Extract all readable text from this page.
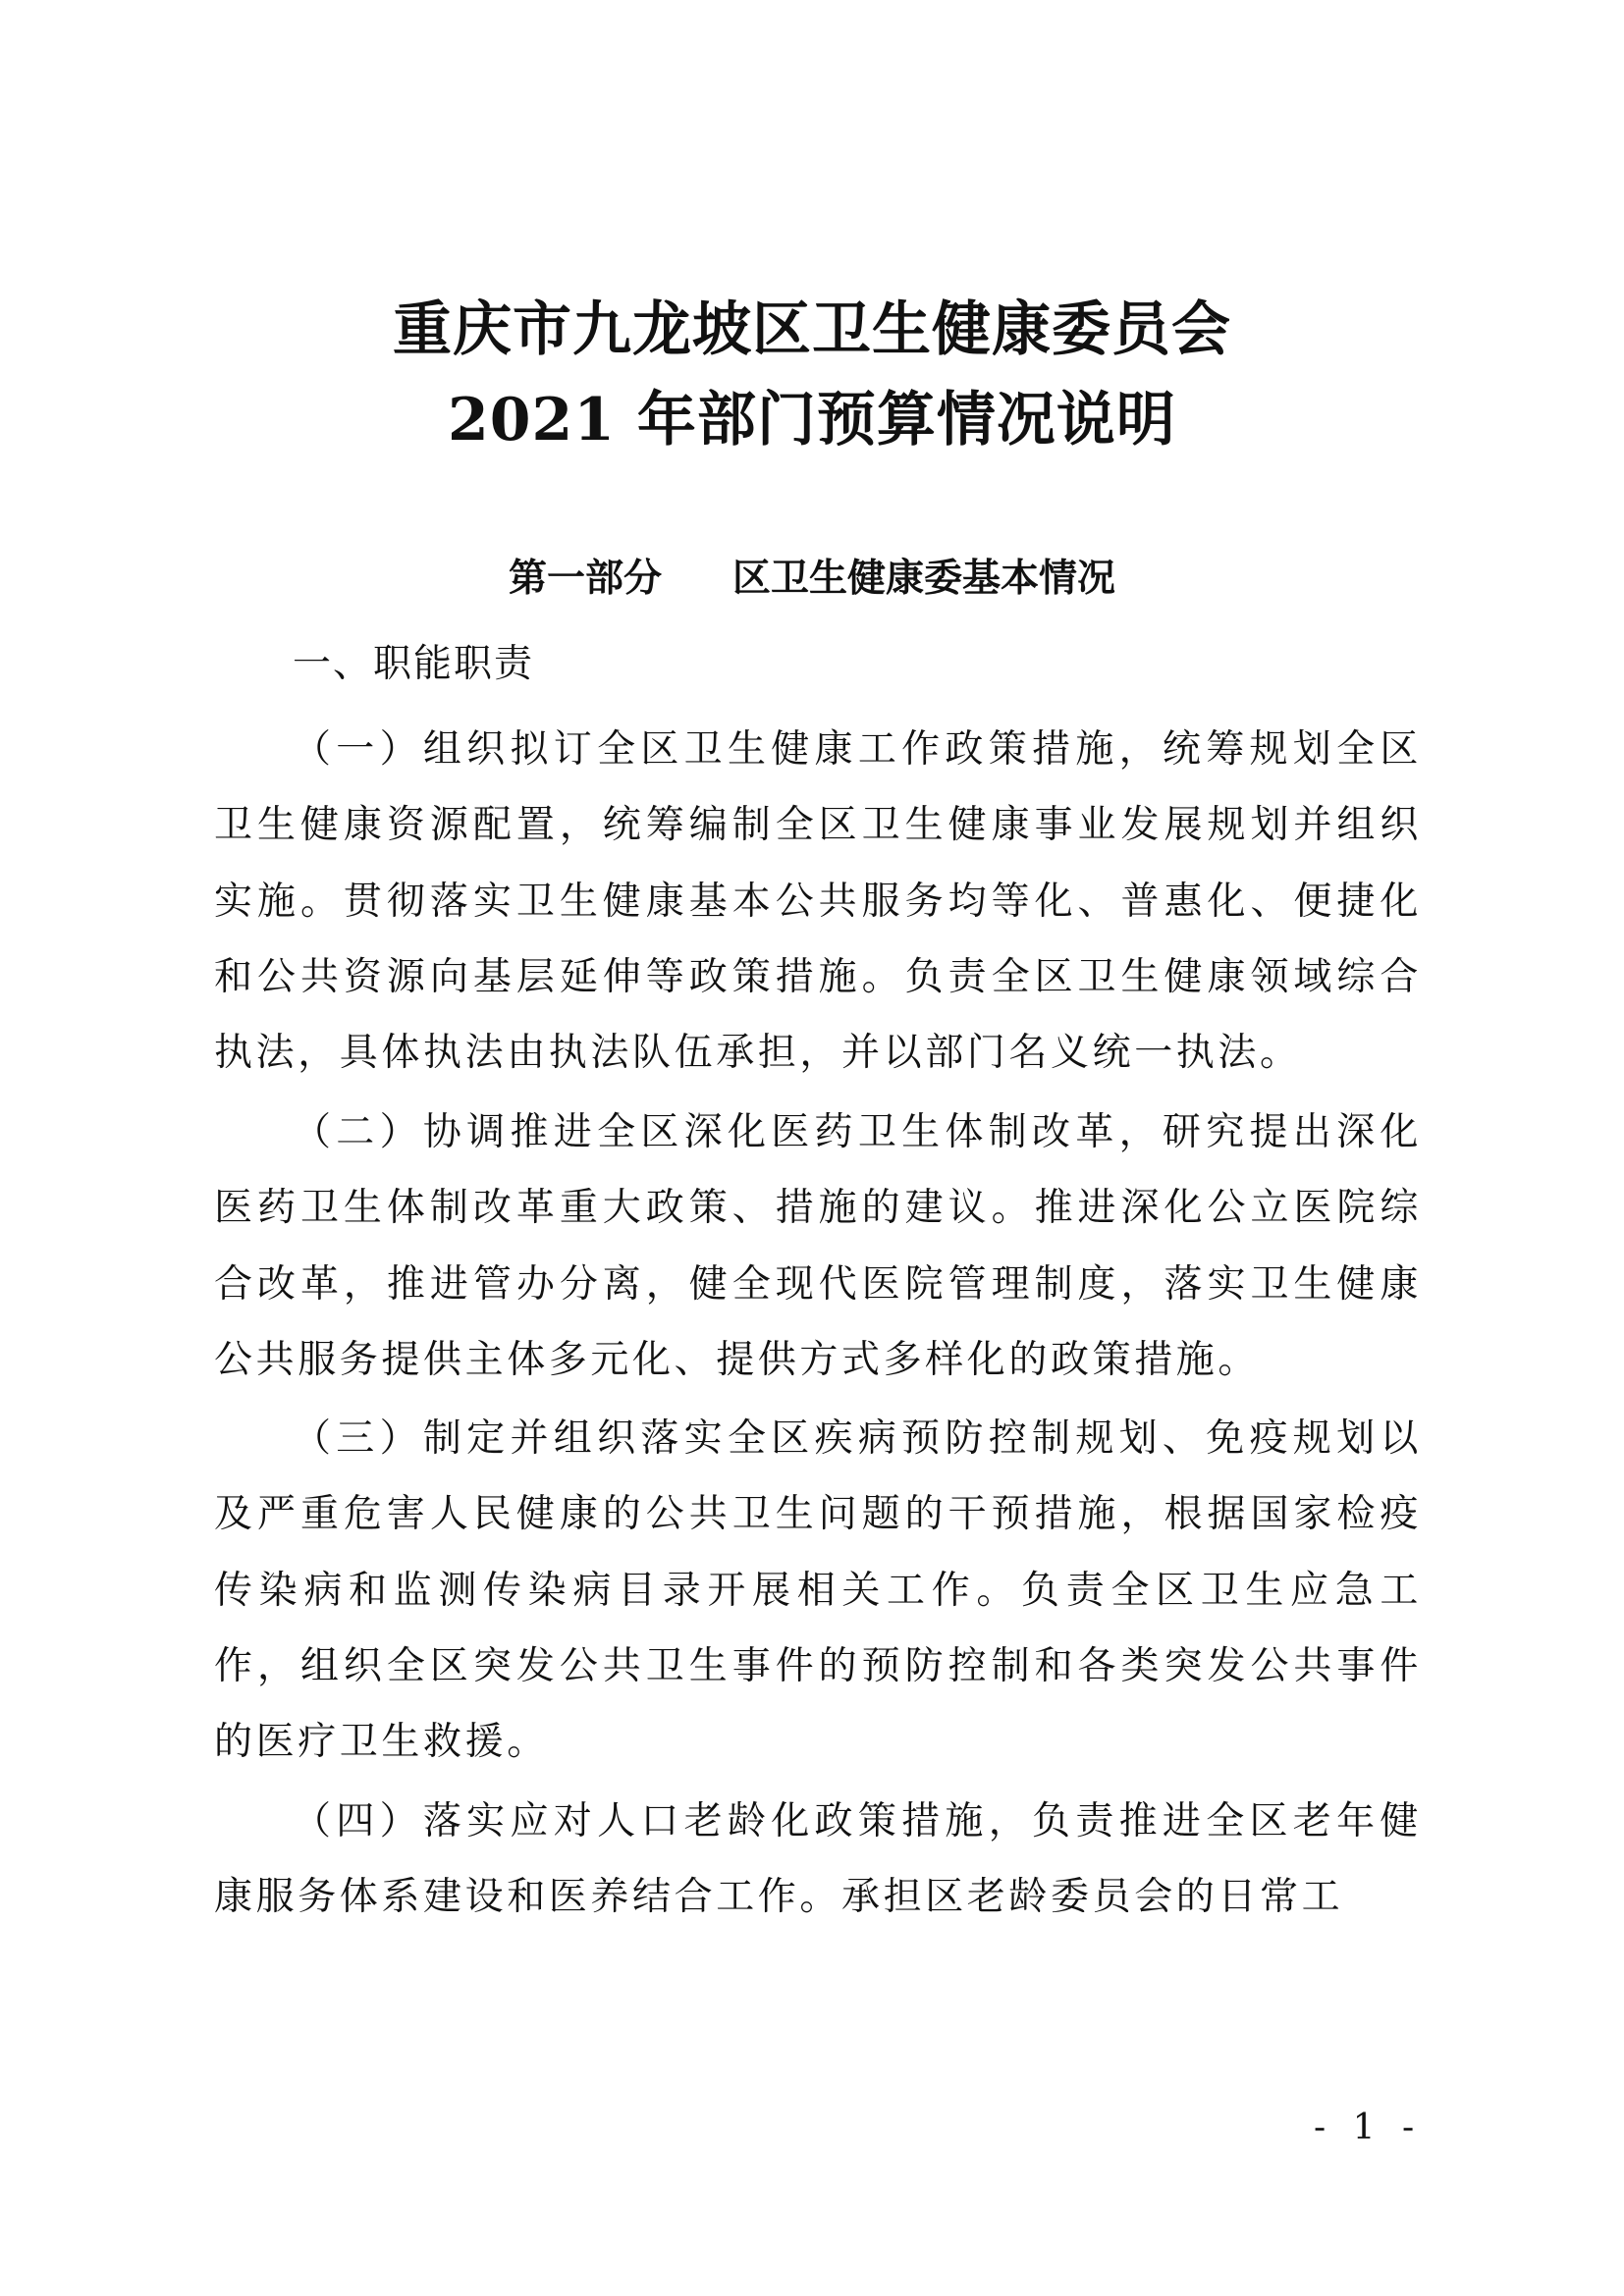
重庆市九龙坡区卫生健康委员会
2021 年部门预算情况说明
第一部分 区卫生健康委基本情况
一、职能职责

（一）组织拟订全区卫生健康工作政策措施，统筹规划全区卫生健康资源配置，统筹编制全区卫生健康事业发展规划并组织实施。贯彻落实卫生健康基本公共服务均等化、普惠化、便捷化和公共资源向基层延伸等政策措施。负责全区卫生健康领域综合执法，具体执法由执法队伍承担，并以部门名义统一执法。

（二）协调推进全区深化医药卫生体制改革，研究提出深化医药卫生体制改革重大政策、措施的建议。推进深化公立医院综合改革，推进管办分离，健全现代医院管理制度，落实卫生健康公共服务提供主体多元化、提供方式多样化的政策措施。

（三）制定并组织落实全区疾病预防控制规划、免疫规划以及严重危害人民健康的公共卫生问题的干预措施，根据国家检疫传染病和监测传染病目录开展相关工作。负责全区卫生应急工作，组织全区突发公共卫生事件的预防控制和各类突发公共事件的医疗卫生救援。

（四）落实应对人口老龄化政策措施，负责推进全区老年健康服务体系建设和医养结合工作。承担区老龄委员会的日常工

- 1 -
